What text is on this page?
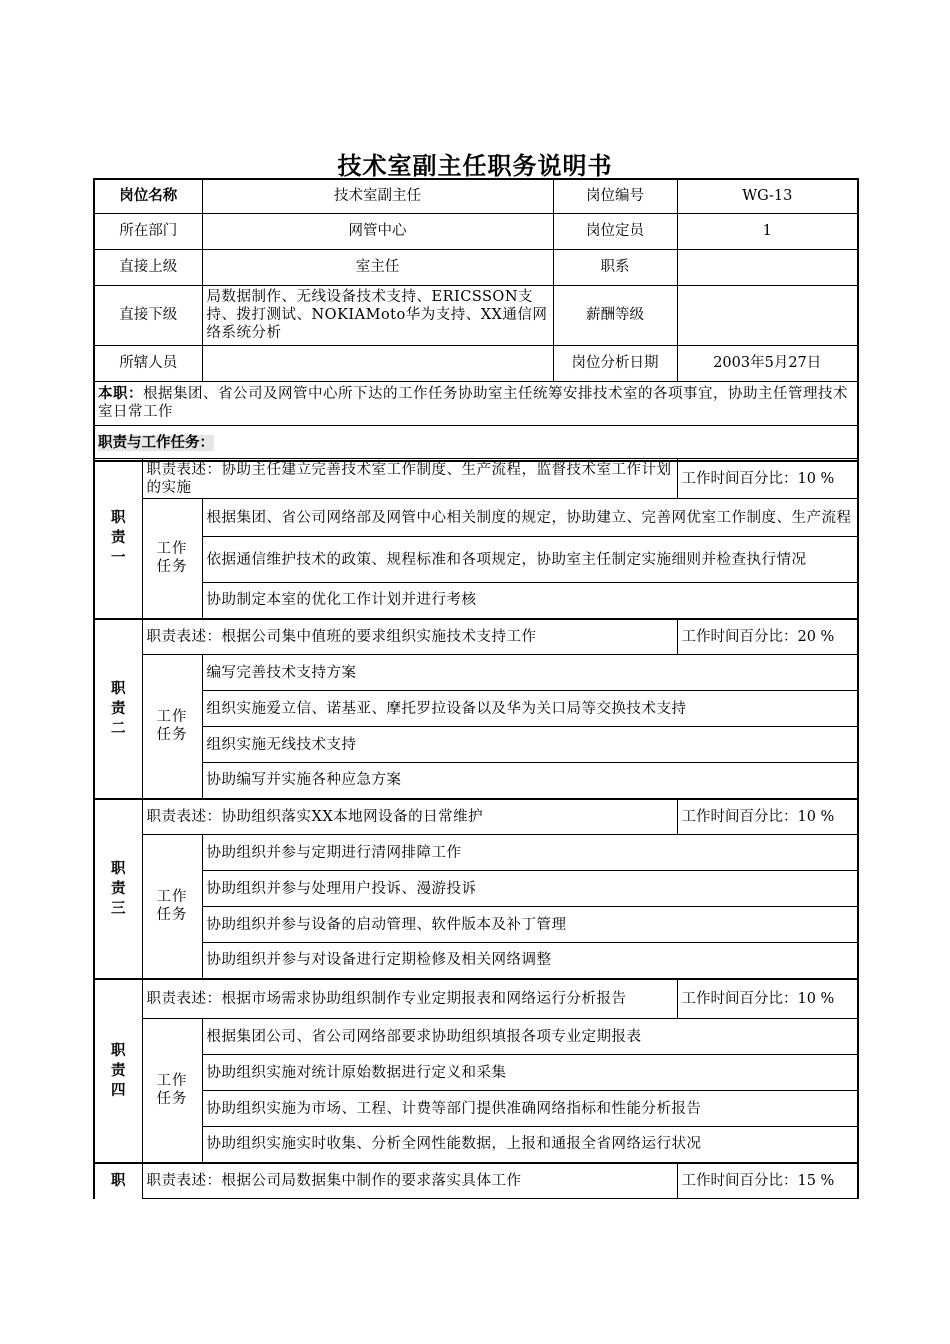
技术室副主任职务说明书
岗位名称	技术室副主任	岗位编号	WG-13
所在部门	网管中心	岗位定员	1
直接上级	室主任	职系	
直接下级	局数据制作、无线设备技术支持、ERICSSON支持、拨打测试、NOKIAMoto华为支持、XX通信网络系统分析	薪酬等级	
所辖人员		岗位分析日期	2003年5月27日
本职：根据集团、省公司及网管中心所下达的工作任务协助室主任统筹安排技术室的各项事宜，协助主任管理技术室日常工作			
职责与工作任务：			
职责一	职责表述：协助主任建立完善技术室工作制度、生产流程，监督技术室工作计划的实施		工作时间百分比：10 %
	工作任务	根据集团、省公司网络部及网管中心相关制度的规定，协助建立、完善网优室工作制度、生产流程	
		依据通信维护技术的政策、规程标准和各项规定，协助室主任制定实施细则并检查执行情况	
		协助制定本室的优化工作计划并进行考核	
职责二	职责表述：根据公司集中值班的要求组织实施技术支持工作		工作时间百分比：20 %
	工作任务	编写完善技术支持方案	
		组织实施爱立信、诺基亚、摩托罗拉设备以及华为关口局等交换技术支持	
		组织实施无线技术支持	
		协助编写并实施各种应急方案	
职责三	职责表述：协助组织落实XX本地网设备的日常维护		工作时间百分比：10 %
	工作任务	协助组织并参与定期进行清网排障工作	
		协助组织并参与处理用户投诉、漫游投诉	
		协助组织并参与设备的启动管理、软件版本及补丁管理	
		协助组织并参与对设备进行定期检修及相关网络调整	
职责四	职责表述：根据市场需求协助组织制作专业定期报表和网络运行分析报告		工作时间百分比：10 %
	工作任务	根据集团公司、省公司网络部要求协助组织填报各项专业定期报表	
		协助组织实施对统计原始数据进行定义和采集	
		协助组织实施为市场、工程、计费等部门提供准确网络指标和性能分析报告	
		协助组织实施实时收集、分析全网性能数据，上报和通报全省网络运行状况	
职	职责表述：根据公司局数据集中制作的要求落实具体工作		工作时间百分比：15 %
